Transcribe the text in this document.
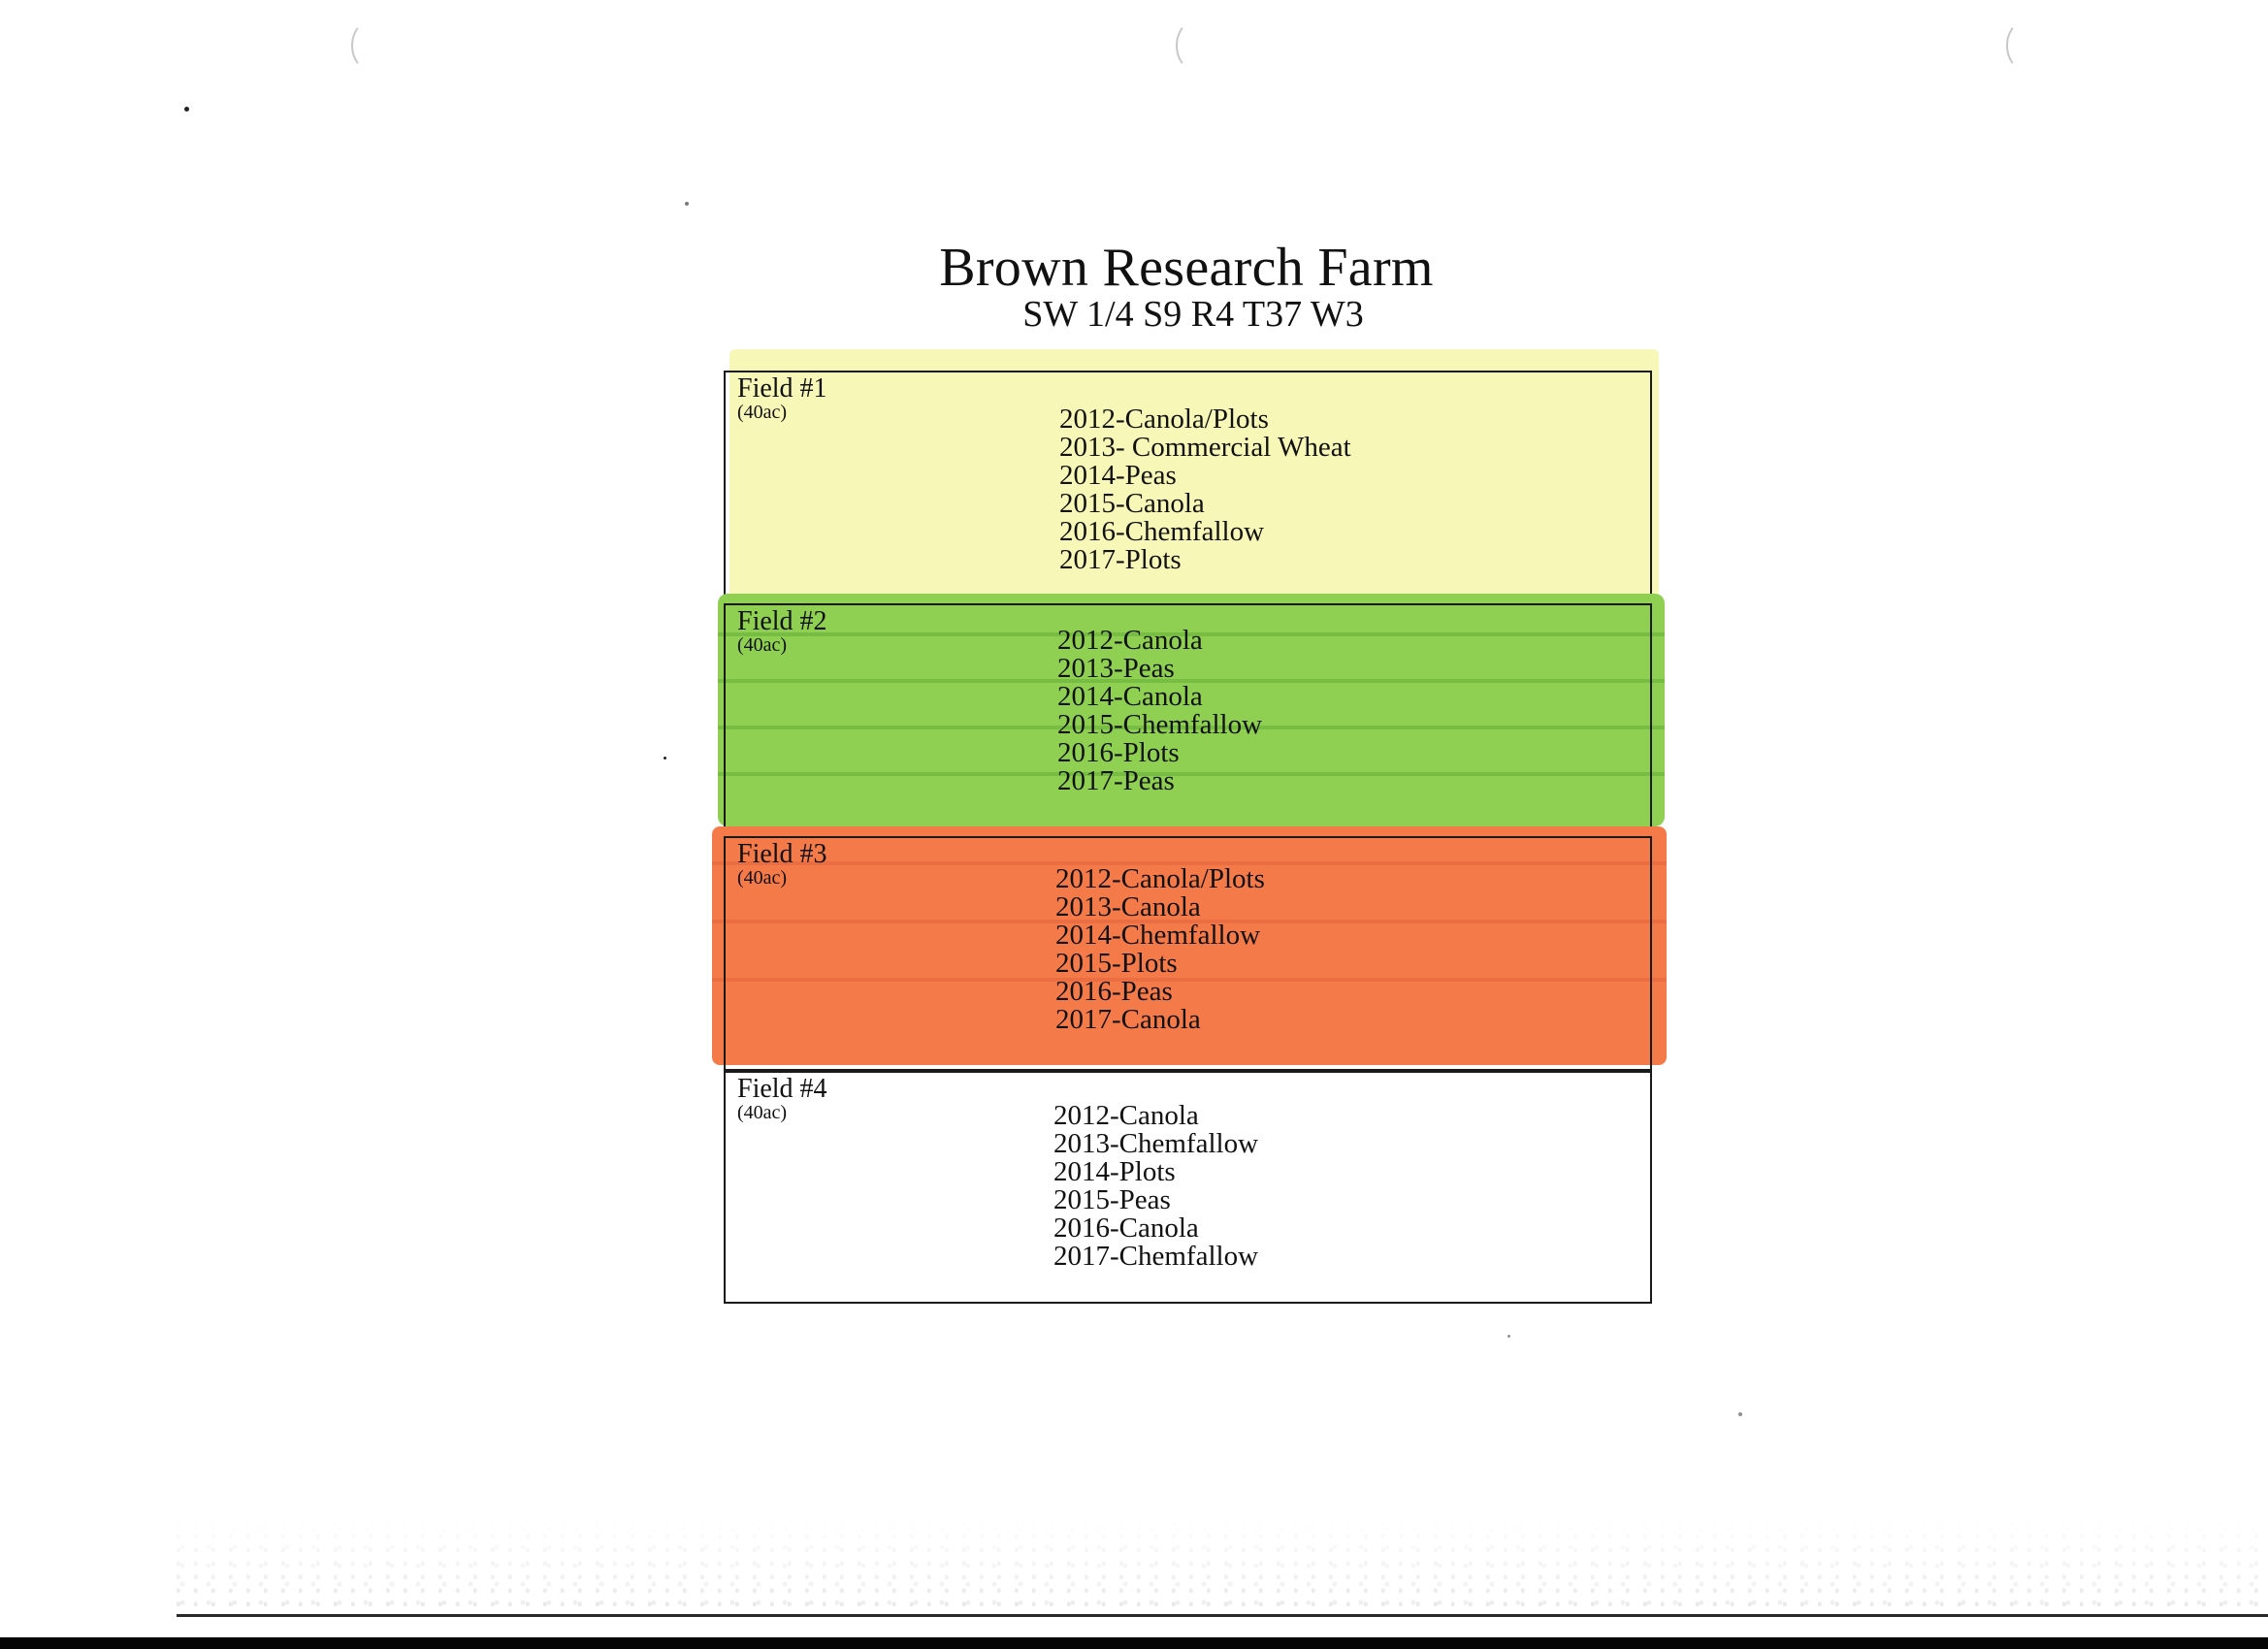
Brown Research Farm
SW 1/4 S9 R4 T37 W3
Field #1
(40ac)	2012-Canola/Plots
2013- Commercial Wheat
2014-Peas
2015-Canola
2016-Chemfallow
2017-Plots
Field #2
(40ac)	2012-Canola
2013-Peas
2014-Canola
2015-Chemfallow
2016-Plots
2017-Peas
Field #3
(40ac)	2012-Canola/Plots
2013-Canola
2014-Chemfallow
2015-Plots
2016-Peas
2017-Canola
Field #4
(40ac)	2012-Canola
2013-Chemfallow
2014-Plots
2015-Peas
2016-Canola
2017-Chemfallow
